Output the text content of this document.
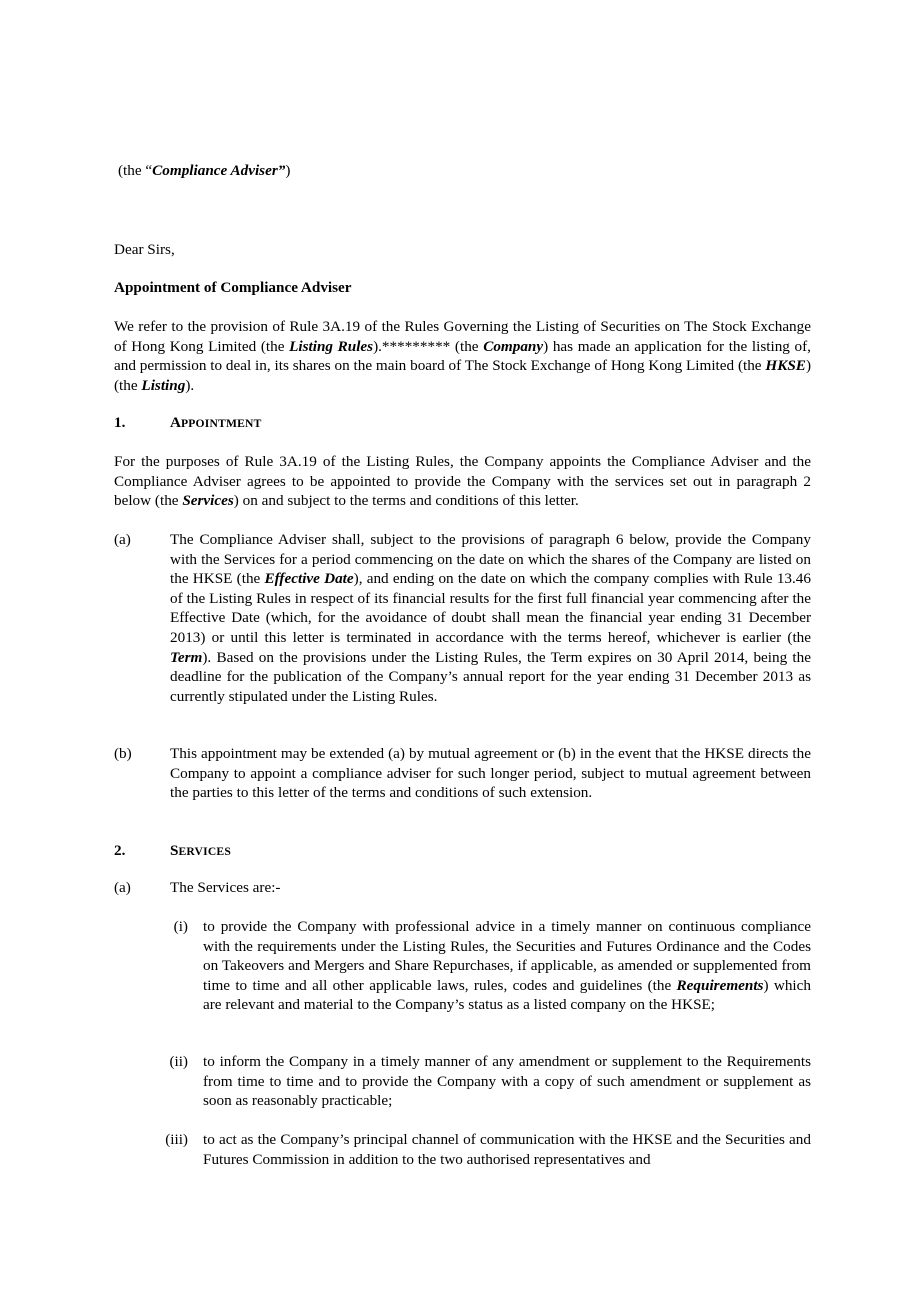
(the “Compliance Adviser”)

Dear Sirs,

Appointment of Compliance Adviser

We refer to the provision of Rule 3A.19 of the Rules Governing the Listing of Securities on The Stock Exchange of Hong Kong Limited (the Listing Rules).********* (the Company) has made an application for the listing of, and permission to deal in, its shares on the main board of The Stock Exchange of Hong Kong Limited (the HKSE) (the Listing).

1.	APPOINTMENT

For the purposes of Rule 3A.19 of the Listing Rules, the Company appoints the Compliance Adviser and the Compliance Adviser agrees to be appointed to provide the Company with the services set out in paragraph 2 below (the Services) on and subject to the terms and conditions of this letter.

(a)	The Compliance Adviser shall, subject to the provisions of paragraph 6 below, provide the Company with the Services for a period commencing on the date on which the shares of the Company are listed on the HKSE (the Effective Date), and ending on the date on which the company complies with Rule 13.46 of the Listing Rules in respect of its financial results for the first full financial year commencing after the Effective Date (which, for the avoidance of doubt shall mean the financial year ending 31 December 2013) or until this letter is terminated in accordance with the terms hereof, whichever is earlier (the Term). Based on the provisions under the Listing Rules, the Term expires on 30 April 2014, being the deadline for the publication of the Company’s annual report for the year ending 31 December 2013 as currently stipulated under the Listing Rules.

(b)	This appointment may be extended (a) by mutual agreement or (b) in the event that the HKSE directs the Company to appoint a compliance adviser for such longer period, subject to mutual agreement between the parties to this letter of the terms and conditions of such extension.

2.	SERVICES
(a)	The Services are:-

(i) to provide the Company with professional advice in a timely manner on continuous compliance with the requirements under the Listing Rules, the Securities and Futures Ordinance and the Codes on Takeovers and Mergers and Share Repurchases, if applicable, as amended or supplemented from time to time and all other applicable laws, rules, codes and guidelines (the Requirements) which are relevant and material to the Company’s status as a listed company on the HKSE;

(ii) to inform the Company in a timely manner of any amendment or supplement to the Requirements from time to time and to provide the Company with a copy of such amendment or supplement as soon as reasonably practicable;

(iii) to act as the Company’s principal channel of communication with the HKSE and the Securities and Futures Commission in addition to the two authorised representatives and
